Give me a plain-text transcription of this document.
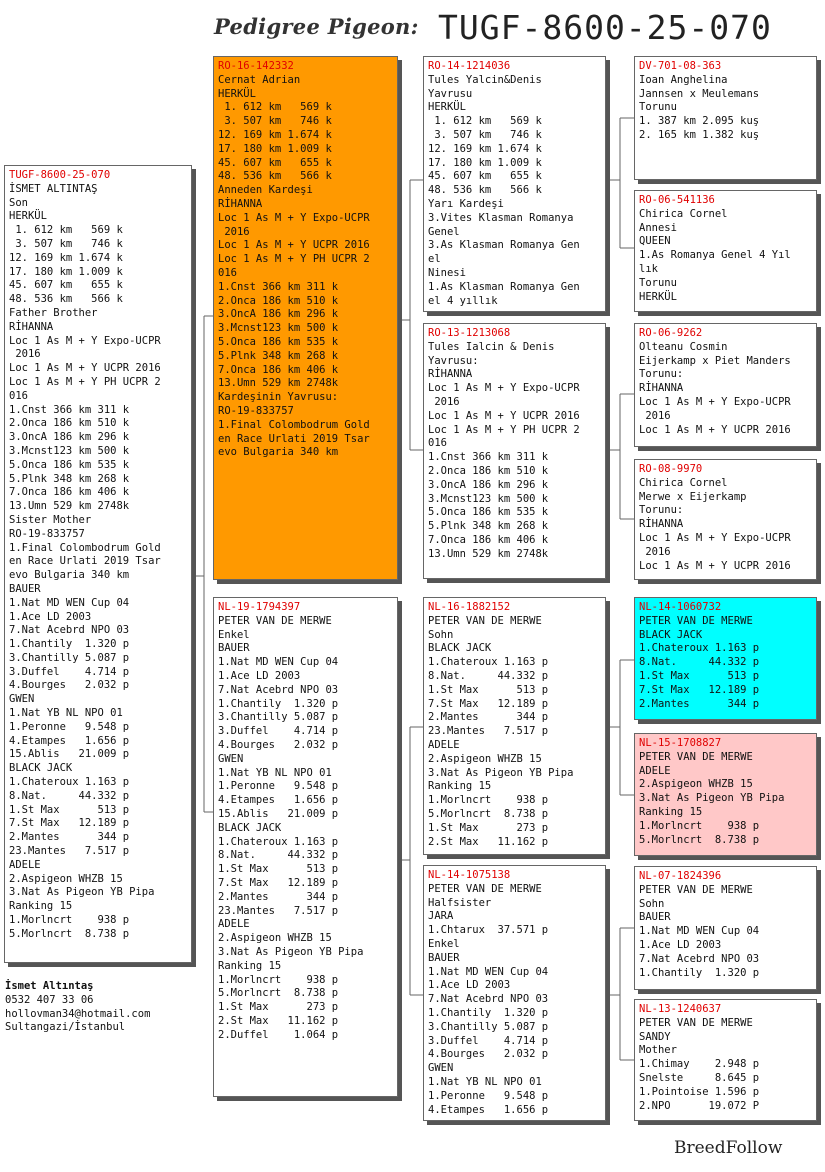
Pedigree Pigeon: TUGF-8600-25-070
TUGF-8600-25-070
İSMET ALTINTAŞ
Son
HERKÜL
1. 612 km   569 k
3. 507 km   746 k
12. 169 km 1.674 k
17. 180 km 1.009 k
45. 607 km   655 k
48. 536 km   566 k
Father Brother
RİHANNA
Loc 1 As M + Y Expo-UCPR
2016
Loc 1 As M + Y UCPR 2016
Loc 1 As M + Y PH UCPR 2
016
1.Cnst 366 km 311 k
2.Onca 186 km 510 k
3.OncA 186 km 296 k
3.Mcnst123 km 500 k
5.Onca 186 km 535 k
5.Plnk 348 km 268 k
7.Onca 186 km 406 k
13.Umn 529 km 2748k
Sister Mother
RO-19-833757
1.Final Colombodrum Gold
en Race Urlati 2019 Tsar
evo Bulgaria 340 km
BAUER
1.Nat MD WEN Cup 04
1.Ace LD 2003
7.Nat Acebrd NPO 03
1.Chantily  1.320 p
3.Chantilly 5.087 p
3.Duffel    4.714 p
4.Bourges   2.032 p
GWEN
1.Nat YB NL NPO 01
1.Peronne   9.548 p
4.Etampes   1.656 p
15.Ablis   21.009 p
BLACK JACK
1.Chateroux 1.163 p
8.Nat.     44.332 p
1.St Max      513 p
7.St Max   12.189 p
2.Mantes      344 p
23.Mantes   7.517 p
ADELE
2.Aspigeon WHZB 15
3.Nat As Pigeon YB Pipa
Ranking 15
1.Morlncrt    938 p
5.Morlncrt  8.738 p
RO-16-142332
Cernat Adrian
HERKÜL
1. 612 km   569 k
3. 507 km   746 k
12. 169 km 1.674 k
17. 180 km 1.009 k
45. 607 km   655 k
48. 536 km   566 k
Anneden Kardeşi
RİHANNA
Loc 1 As M + Y Expo-UCPR
2016
Loc 1 As M + Y UCPR 2016
Loc 1 As M + Y PH UCPR 2
016
1.Cnst 366 km 311 k
2.Onca 186 km 510 k
3.OncA 186 km 296 k
3.Mcnst123 km 500 k
5.Onca 186 km 535 k
5.Plnk 348 km 268 k
7.Onca 186 km 406 k
13.Umn 529 km 2748k
Kardeşinin Yavrusu:
RO-19-833757
1.Final Colombodrum Gold
en Race Urlati 2019 Tsar
evo Bulgaria 340 km
NL-19-1794397
PETER VAN DE MERWE
Enkel
BAUER
1.Nat MD WEN Cup 04
1.Ace LD 2003
7.Nat Acebrd NPO 03
1.Chantily  1.320 p
3.Chantilly 5.087 p
3.Duffel    4.714 p
4.Bourges   2.032 p
GWEN
1.Nat YB NL NPO 01
1.Peronne   9.548 p
4.Etampes   1.656 p
15.Ablis   21.009 p
BLACK JACK
1.Chateroux 1.163 p
8.Nat.     44.332 p
1.St Max      513 p
7.St Max   12.189 p
2.Mantes      344 p
23.Mantes   7.517 p
ADELE
2.Aspigeon WHZB 15
3.Nat As Pigeon YB Pipa
Ranking 15
1.Morlncrt    938 p
5.Morlncrt  8.738 p
1.St Max      273 p
2.St Max   11.162 p
2.Duffel    1.064 p
RO-14-1214036
Tules Yalcin&Denis
Yavrusu
HERKÜL
1. 612 km   569 k
3. 507 km   746 k
12. 169 km 1.674 k
17. 180 km 1.009 k
45. 607 km   655 k
48. 536 km   566 k
Yarı Kardeşi
3.Vites Klasman Romanya
Genel
3.As Klasman Romanya Gen
el
Ninesi
1.As Klasman Romanya Gen
el 4 yıllık
RO-13-1213068
Tules Ialcin & Denis
Yavrusu:
RİHANNA
Loc 1 As M + Y Expo-UCPR
2016
Loc 1 As M + Y UCPR 2016
Loc 1 As M + Y PH UCPR 2
016
1.Cnst 366 km 311 k
2.Onca 186 km 510 k
3.OncA 186 km 296 k
3.Mcnst123 km 500 k
5.Onca 186 km 535 k
5.Plnk 348 km 268 k
7.Onca 186 km 406 k
13.Umn 529 km 2748k
NL-16-1882152
PETER VAN DE MERWE
Sohn
BLACK JACK
1.Chateroux 1.163 p
8.Nat.     44.332 p
1.St Max      513 p
7.St Max   12.189 p
2.Mantes      344 p
23.Mantes   7.517 p
ADELE
2.Aspigeon WHZB 15
3.Nat As Pigeon YB Pipa
Ranking 15
1.Morlncrt    938 p
5.Morlncrt  8.738 p
1.St Max      273 p
2.St Max   11.162 p
NL-14-1075138
PETER VAN DE MERWE
Halfsister
JARA
1.Chtarux  37.571 p
Enkel
BAUER
1.Nat MD WEN Cup 04
1.Ace LD 2003
7.Nat Acebrd NPO 03
1.Chantily  1.320 p
3.Chantilly 5.087 p
3.Duffel    4.714 p
4.Bourges   2.032 p
GWEN
1.Nat YB NL NPO 01
1.Peronne   9.548 p
4.Etampes   1.656 p
DV-701-08-363
Ioan Anghelina
Jannsen x Meulemans
Torunu
1. 387 km 2.095 kuş
2. 165 km 1.382 kuş
RO-06-541136
Chirica Cornel
Annesi
QUEEN
1.As Romanya Genel 4 Yıl
lık
Torunu
HERKÜL
RO-06-9262
Olteanu Cosmin
Eijerkamp x Piet Manders
Torunu:
RİHANNA
Loc 1 As M + Y Expo-UCPR
2016
Loc 1 As M + Y UCPR 2016
RO-08-9970
Chirica Cornel
Merwe x Eijerkamp
Torunu:
RİHANNA
Loc 1 As M + Y Expo-UCPR
2016
Loc 1 As M + Y UCPR 2016
NL-14-1060732
PETER VAN DE MERWE
BLACK JACK
1.Chateroux 1.163 p
8.Nat.     44.332 p
1.St Max      513 p
7.St Max   12.189 p
2.Mantes      344 p
NL-15-1708827
PETER VAN DE MERWE
ADELE
2.Aspigeon WHZB 15
3.Nat As Pigeon YB Pipa
Ranking 15
1.Morlncrt    938 p
5.Morlncrt  8.738 p
NL-07-1824396
PETER VAN DE MERWE
Sohn
BAUER
1.Nat MD WEN Cup 04
1.Ace LD 2003
7.Nat Acebrd NPO 03
1.Chantily  1.320 p
NL-13-1240637
PETER VAN DE MERWE
SANDY
Mother
1.Chimay    2.948 p
Snelste     8.645 p
1.Pointoise 1.596 p
2.NPO      19.072 P
İsmet Altıntaş
0532 407 33 06
hollovman34@hotmail.com
Sultangazi/İstanbul
BreedFollow
